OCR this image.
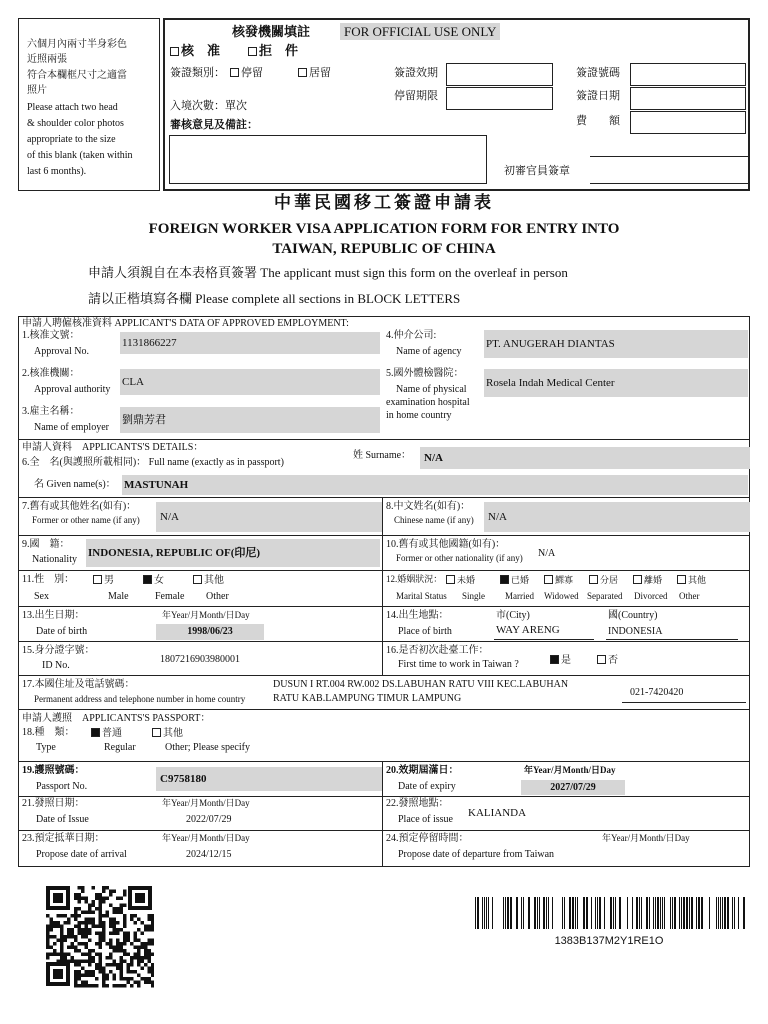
六個月內兩寸半身彩色
近照兩張
符合本欄框尺寸之適當
照片
Please attach two head
& shoulder color photos
appropriate to the size
of this blank (taken within
last 6 months).
核發機關填註	FOR OFFICIAL USE ONLY
核　准	拒　件
簽證類別：	停留	居留	簽證效期
停留期限
簽證號碼
簽證日期
費　　額
入境次數：單次
審核意見及備註：
初審官員簽章
中華民國移工簽證申請表
FOREIGN WORKER VISA APPLICATION FORM FOR ENTRY INTO
TAIWAN, REPUBLIC OF CHINA
申請人須親自在本表格頁簽署 The applicant must sign this form on the overleaf in person
請以正楷填寫各欄 Please complete all sections in BLOCK LETTERS
申請人聘僱核准資料 APPLICANT'S DATA OF APPROVED EMPLOYMENT:
1.核准文號：
Approval No.
1131866227
4.仲介公司:
Name of agency
PT. ANUGERAH DIANTAS
2.核准機關：
Approval authority
CLA
5.國外體檢醫院：
Name of physical
examination hospital
in home country
Rosela Indah Medical Center
3.雇主名稱：
Name of employer
劉鼎芳君
申請人資料　APPLICANTS'S DETAILS：
6.全　名(與護照所載相同)： Full name (exactly as in passport)
姓 Surname：	N/A
名 Given name(s)： MASTUNAH
7.舊有或其他姓名(如有)：
Former or other name (if any)	N/A
8.中文姓名(如有)：
Chinese name (if any)	N/A
9.國　籍：
Nationality
INDONESIA, REPUBLIC OF(印尼)
10.舊有或其他國籍(如有)：
Former or other nationality (if any) N/A
11.性　別：
Sex
男
Male
女
Female
其他
Other
12.婚姻狀況：
Marital Status
未婚
Single
已婚
Married
鰥寡
Widowed
分居
Separated
離婚
Divorced
其他
Other
13.出生日期：
Date of birth
年Year/月Month/日Day
1998/06/23
14.出生地點：
Place of birth
市(City)	國(Country)
WAY ARENG	INDONESIA
15.身分證字號：
ID No.
1807216903980001
16.是否初次赴臺工作：
First time to work in Taiwan ?	是	否
17.本國住址及電話號碼：
Permanent address and telephone number in home country
DUSUN I RT.004 RW.002 DS.LABUHAN RATU VIII KEC.LABUHAN
RATU KAB.LAMPUNG TIMUR LAMPUNG
021-7420420
申請人護照　APPLICANTS'S PASSPORT：
18.種　類：
Type
普通
Regular
其他
Other; Please specify
19.護照號碼：
Passport No.
C9758180
20.效期屆滿日：
Date of expiry
年Year/月Month/日Day
2027/07/29
21.發照日期：
Date of Issue
年Year/月Month/日Day
2022/07/29
22.發照地點：
Place of issue
KALIANDA
23.預定抵華日期：
Propose date of arrival
年Year/月Month/日Day
2024/12/15
24.預定停留時間：
Propose date of departure from Taiwan
年Year/月Month/日Day
1383B137M2Y1RE1O
